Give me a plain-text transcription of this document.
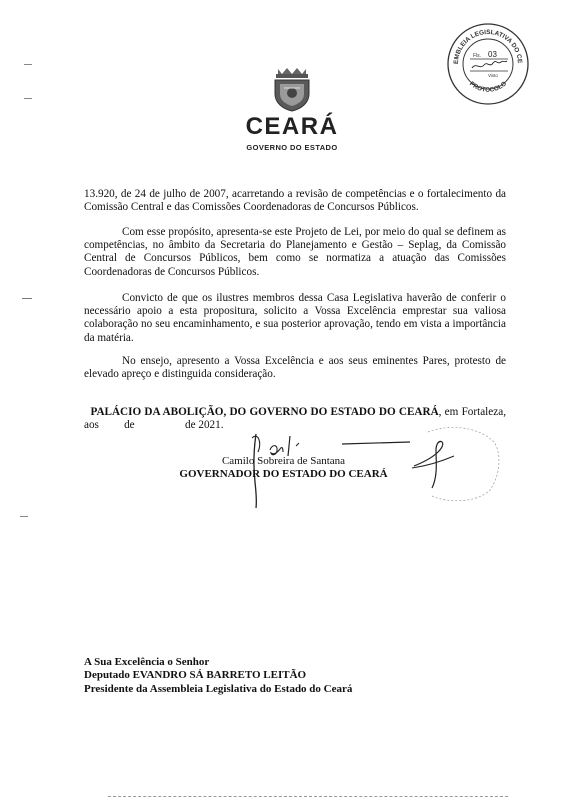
CEARÁ
GOVERNO DO ESTADO
EMBLEIA LEGISLATIVA DO CE
PROTOCOLO
Fls. 03
Visto
13.920, de 24 de julho de 2007, acarretando a revisão de competências e o fortalecimento da Comissão Central e das Comissões Coordenadoras de Concursos Públicos.
Com esse propósito, apresenta-se este Projeto de Lei, por meio do qual se definem as competências, no âmbito da Secretaria do Planejamento e Gestão – Seplag, da Comissão Central de Concursos Públicos, bem como se normatiza a atuação das Comissões Coordenadoras de Concursos Públicos.
Convicto de que os ilustres membros dessa Casa Legislativa haverão de conferir o necessário apoio a esta propositura, solicito a Vossa Excelência emprestar sua valiosa colaboração no seu encaminhamento, e sua posterior aprovação, tendo em vista a importância da matéria.
No ensejo, apresento a Vossa Excelência e aos seus eminentes Pares, protesto de elevado apreço e distinguida consideração.

PALÁCIO DA ABOLIÇÃO, DO GOVERNO DO ESTADO DO CEARÁ, em Fortaleza, aos         de                  de 2021.

Camilo Sobreira de Santana
GOVERNADOR DO ESTADO DO CEARÁ
A Sua Excelência o Senhor
Deputado EVANDRO SÁ BARRETO LEITÃO
Presidente da Assembleia Legislativa do Estado do Ceará
